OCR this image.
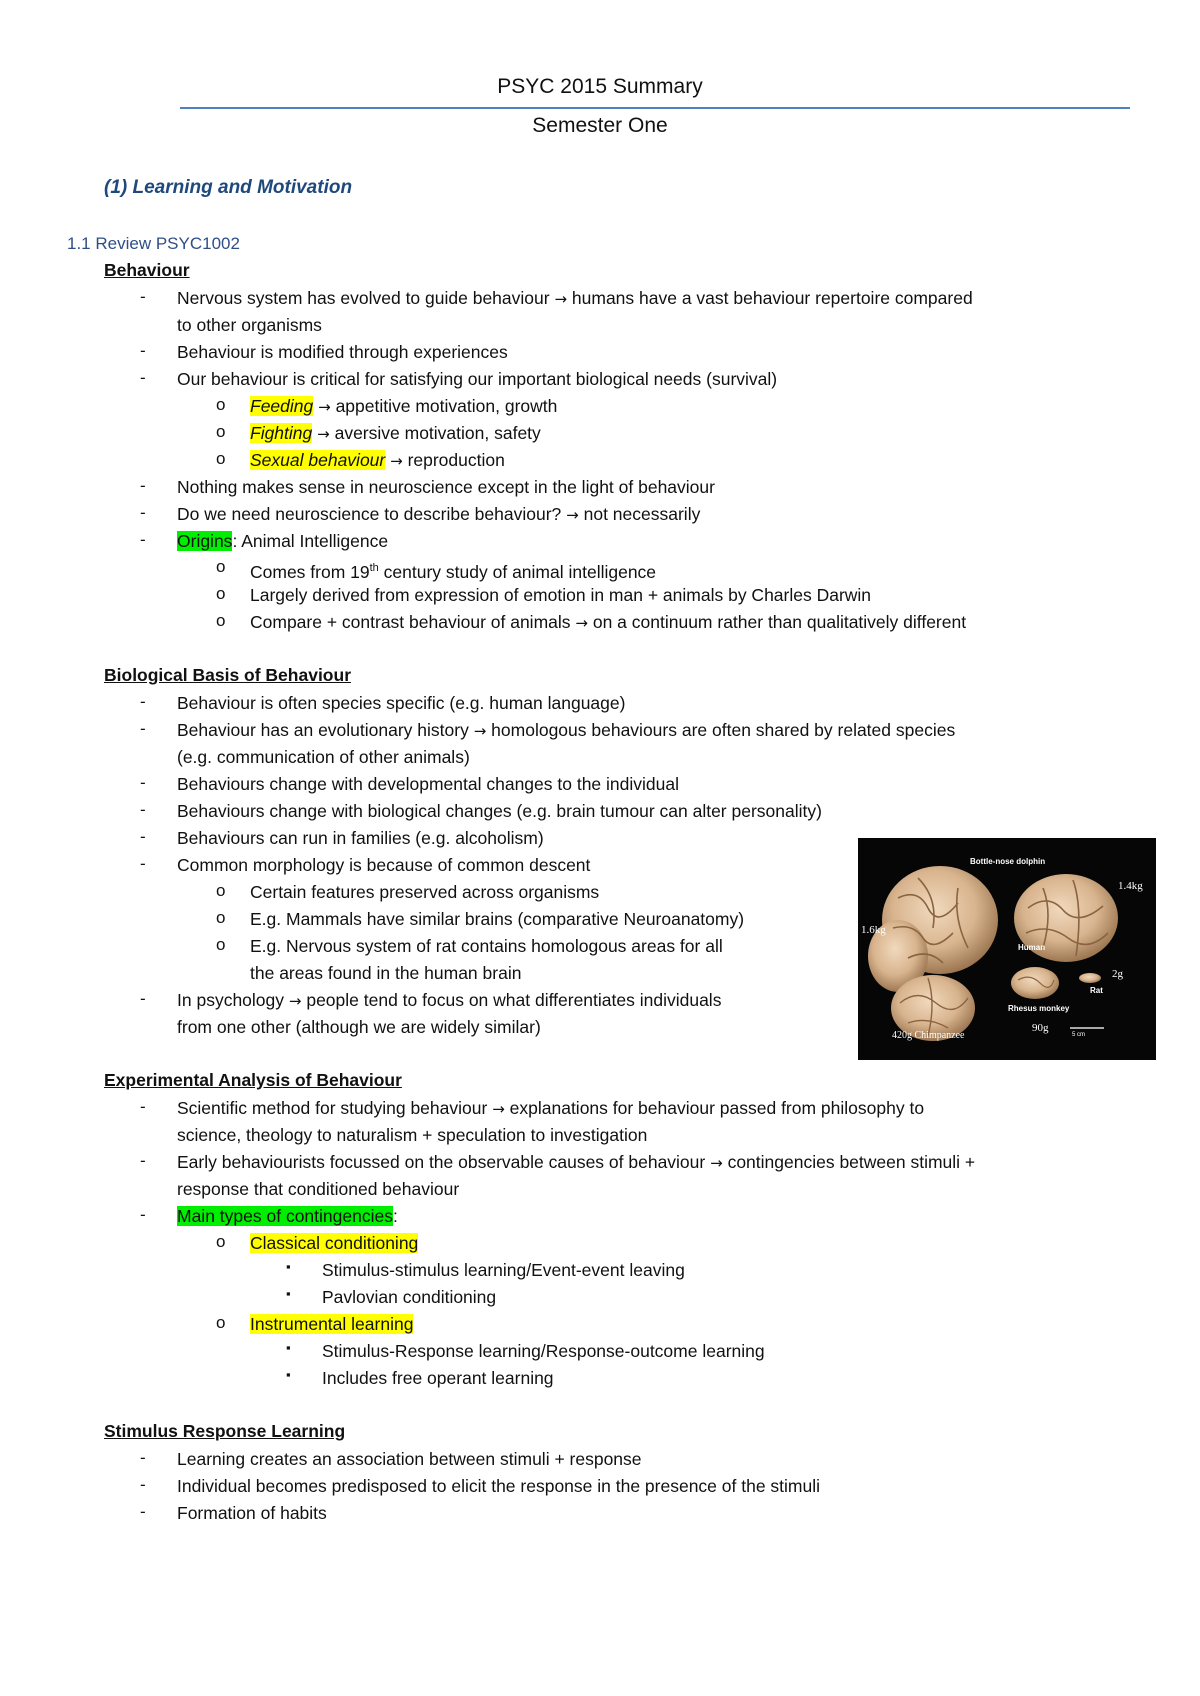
PSYC 2015 Summary
Semester One
(1) Learning and Motivation
1.1 Review PSYC1002
Behaviour
- Nervous system has evolved to guide behaviour → humans have a vast behaviour repertoire compared
to other organisms
- Behaviour is modified through experiences
- Our behaviour is critical for satisfying our important biological needs (survival)
o Feeding → appetitive motivation, growth
o Fighting → aversive motivation, safety
o Sexual behaviour → reproduction
- Nothing makes sense in neuroscience except in the light of behaviour
- Do we need neuroscience to describe behaviour? → not necessarily
- Origins: Animal Intelligence
o Comes from 19th century study of animal intelligence
o Largely derived from expression of emotion in man + animals by Charles Darwin
o Compare + contrast behaviour of animals → on a continuum rather than qualitatively different
Biological Basis of Behaviour
- Behaviour is often species specific (e.g. human language)
- Behaviour has an evolutionary history → homologous behaviours are often shared by related species
(e.g. communication of other animals)
- Behaviours change with developmental changes to the individual
- Behaviours change with biological changes (e.g. brain tumour can alter personality)
- Behaviours can run in families (e.g. alcoholism)
- Common morphology is because of common descent
o Certain features preserved across organisms
o E.g. Mammals have similar brains (comparative Neuroanatomy)
o E.g. Nervous system of rat contains homologous areas for all
the areas found in the human brain
- In psychology → people tend to focus on what differentiates individuals
from one other (although we are widely similar)
Bottle-nose dolphin
1.6kg
1.4kg
Human
2g
Rat
Rhesus monkey
90g
5 cm
420g Chimpanzee
Experimental Analysis of Behaviour
- Scientific method for studying behaviour → explanations for behaviour passed from philosophy to
science, theology to naturalism + speculation to investigation
- Early behaviourists focussed on the observable causes of behaviour → contingencies between stimuli +
response that conditioned behaviour
- Main types of contingencies:
o Classical conditioning
▪ Stimulus-stimulus learning/Event-event leaving
▪ Pavlovian conditioning
o Instrumental learning
▪ Stimulus-Response learning/Response-outcome learning
▪ Includes free operant learning
Stimulus Response Learning
- Learning creates an association between stimuli + response
- Individual becomes predisposed to elicit the response in the presence of the stimuli
- Formation of habits
